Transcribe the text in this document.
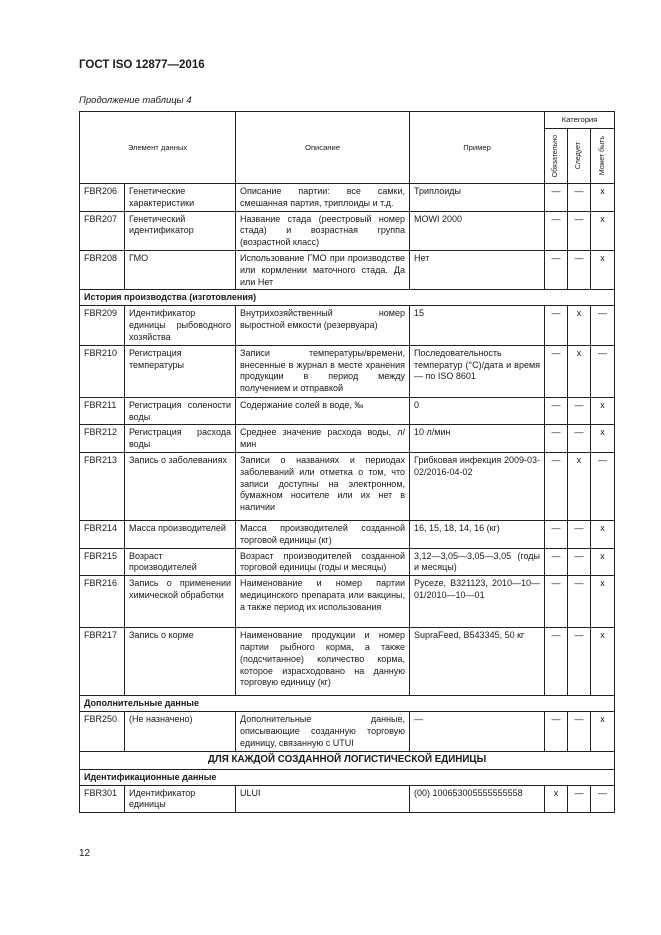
ГОСТ ISO 12877—2016
Продолжение таблицы 4
Элемент данных		Описание	Пример	Категория		

				Обязательно	Следует	Может быть

FBR206	Генетические характеристики	Описание партии: все самки, смешанная партия, триплоиды и т.д.	Триплоиды	—	—	x
FBR207	Генетический идентификатор	Название стада (реестровый номер стада) и возрастная группа (возрастной класс)	MOWI 2000	—	—	x
FBR208	ГМО	Использование ГМО при производстве или кормлении маточного стада. Да или Нет	Нет	—	—	x
История производства (изготовления)						
FBR209	Идентификатор единицы рыбоводного хозяйства	Внутрихозяйственный номер выростной емкости (резервуара)	15	—	x	—
FBR210	Регистрация температуры	Записи температуры/времени, внесенные в журнал в месте хранения продукции в период между получением и отправкой	Последовательность температур (°С)/дата и время — по ISO 8601	—	x	—
FBR211	Регистрация солености воды	Содержание солей в воде, ‰	0	—	—	x
FBR212	Регистрация расхода воды	Среднее значение расхода воды, л/мин	10 л/мин	—	—	x
FBR213	Запись о заболеваниях	Записи о названиях и периодах заболеваний или отметка о том, что записи доступны на электронном, бумажном носителе или их нет в наличии	Грибковая инфекция 2009-03-02/2016-04-02	—	x	—
FBR214	Масса производителей	Масса производителей созданной торговой единицы (кг)	16, 15, 18, 14, 16 (кг)	—	—	x
FBR215	Возраст производителей	Возраст производителей созданной торговой единицы (годы и месяцы)	3,12—3,05—3,05—3,05 (годы и месяцы)	—	—	x
FBR216	Запись о применении химической обработки	Наименование и номер партии медицинского препарата или вакцины, а также период их использования	Pyceze, B321123, 2010—10—01/2010—10—01	—	—	x
FBR217	Запись о корме	Наименование продукции и номер партии рыбного корма, а также (подсчитанное) количество корма, которое израсходовано на данную торговую единицу (кг)	SupraFeed, B543345, 50 кг	—	—	x
Дополнительные данные						
FBR250	(Не назначено)	Дополнительные данные, описывающие созданную торговую единицу, связанную с UTUI	—	—	—	x
ДЛЯ КАЖДОЙ СОЗДАННОЙ ЛОГИСТИЧЕСКОЙ ЕДИНИЦЫ						
Идентификационные данные						
FBR301	Идентификатор единицы	ULUI	(00) 100653005555555558	x	—	—
12
